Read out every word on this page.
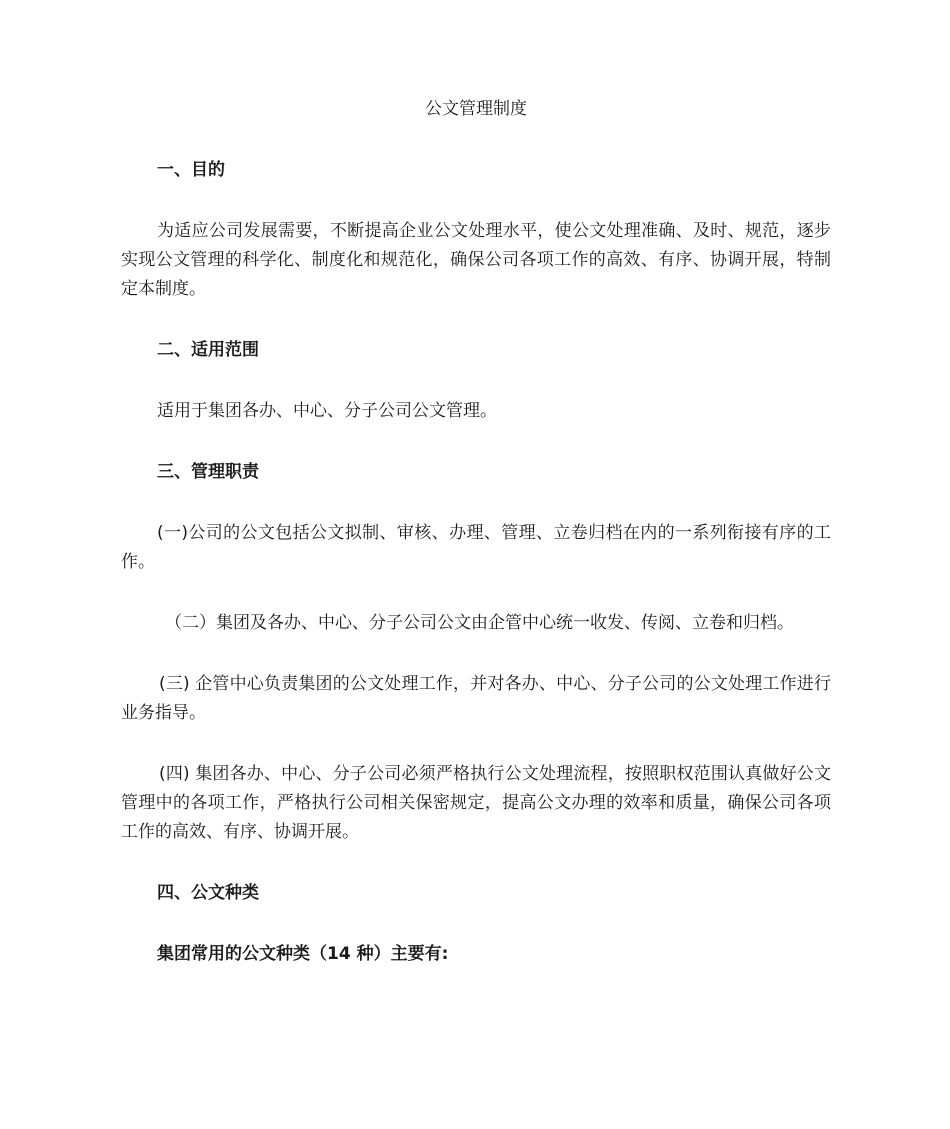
公文管理制度
一、目的
为适应公司发展需要，不断提高企业公文处理水平，使公文处理准确、及时、规范，逐步实现公文管理的科学化、制度化和规范化，确保公司各项工作的高效、有序、协调开展，特制定本制度。
二、适用范围
适用于集团各办、中心、分子公司公文管理。
三、管理职责
(一)公司的公文包括公文拟制、审核、办理、管理、立卷归档在内的一系列衔接有序的工作。
（二）集团及各办、中心、分子公司公文由企管中心统一收发、传阅、立卷和归档。
(三) 企管中心负责集团的公文处理工作，并对各办、中心、分子公司的公文处理工作进行业务指导。
(四) 集团各办、中心、分子公司必须严格执行公文处理流程，按照职权范围认真做好公文管理中的各项工作，严格执行公司相关保密规定，提高公文办理的效率和质量，确保公司各项工作的高效、有序、协调开展。
四、公文种类
集团常用的公文种类（14 种）主要有:
